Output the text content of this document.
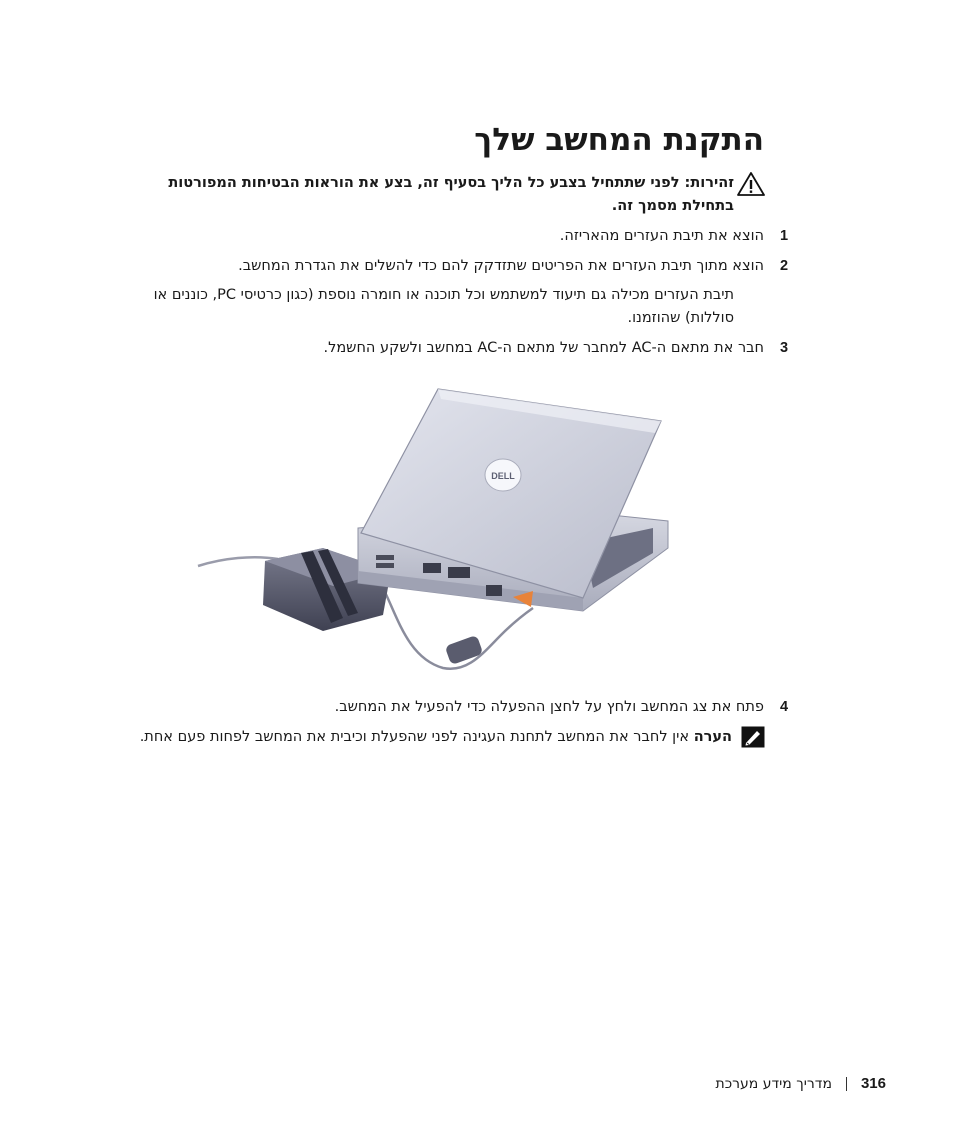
התקנת המחשב שלך
זהירות: לפני שתתחיל בצבע כל הליך בסעיף זה, בצע את הוראות הבטיחות המפורטות בתחילת מסמך זה.
1
הוצא את תיבת העזרים מהאריזה.
2
הוצא מתוך תיבת העזרים את הפריטים שתזדקק להם כדי להשלים את הגדרת המחשב.
תיבת העזרים מכילה גם תיעוד למשתמש וכל תוכנה או חומרה נוספת (כגון כרטיסי PC, כוננים או סוללות) שהוזמנו.
3
חבר את מתאם ה-AC למחבר של מתאם ה-AC במחשב ולשקע החשמל.
DELL
4
פתח את צג המחשב ולחץ על לחצן ההפעלה כדי להפעיל את המחשב.
הערה אין לחבר את המחשב לתחנת העגינה לפני שהפעלת וכיבית את המחשב לפחות פעם אחת.
316
מדריך מידע מערכת
